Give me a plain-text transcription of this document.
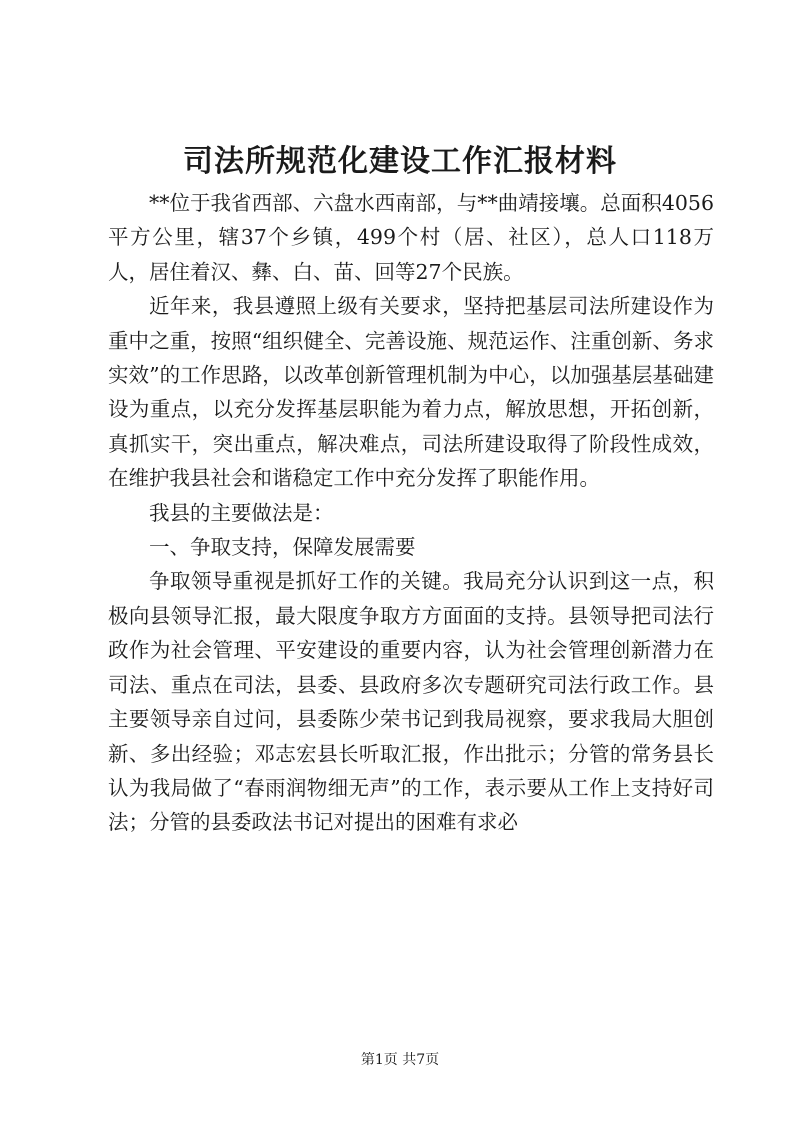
司法所规范化建设工作汇报材料

**位于我省西部、六盘水西南部，与**曲靖接壤。总面积4056平方公里，辖37个乡镇，499个村（居、社区），总人口118万人，居住着汉、彝、白、苗、回等27个民族。

近年来，我县遵照上级有关要求，坚持把基层司法所建设作为重中之重，按照“组织健全、完善设施、规范运作、注重创新、务求实效”的工作思路，以改革创新管理机制为中心，以加强基层基础建设为重点，以充分发挥基层职能为着力点，解放思想，开拓创新，真抓实干，突出重点，解决难点，司法所建设取得了阶段性成效，在维护我县社会和谐稳定工作中充分发挥了职能作用。

我县的主要做法是：

一、争取支持，保障发展需要

争取领导重视是抓好工作的关键。我局充分认识到这一点，积极向县领导汇报，最大限度争取方方面面的支持。县领导把司法行政作为社会管理、平安建设的重要内容，认为社会管理创新潜力在司法、重点在司法，县委、县政府多次专题研究司法行政工作。县主要领导亲自过问，县委陈少荣书记到我局视察，要求我局大胆创新、多出经验；邓志宏县长听取汇报，作出批示；分管的常务县长认为我局做了“春雨润物细无声”的工作，表示要从工作上支持好司法；分管的县委政法书记对提出的困难有求必

第1页 共7页
